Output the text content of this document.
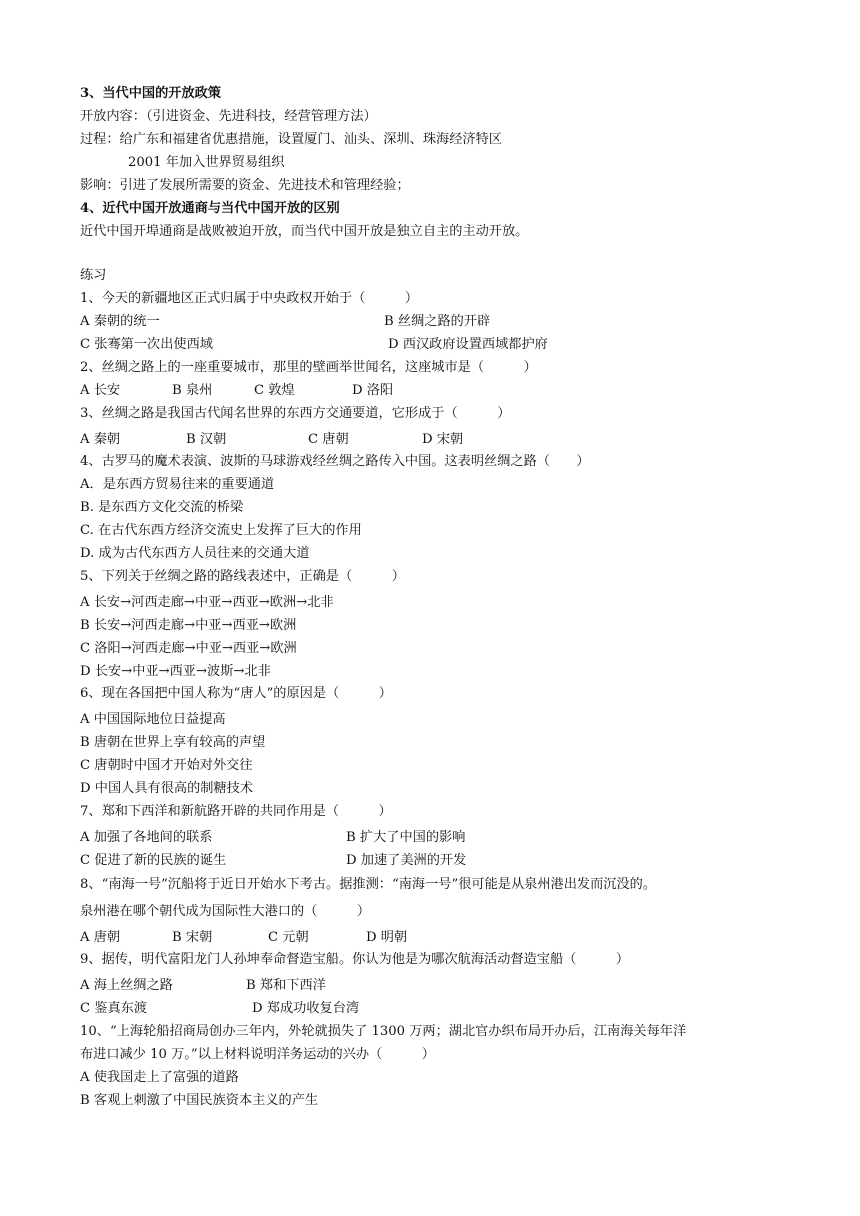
3、当代中国的开放政策
开放内容：（引进资金、先进科技，经营管理方法）
过程：给广东和福建省优惠措施，设置厦门、汕头、深圳、珠海经济特区
2001 年加入世界贸易组织
影响：引进了发展所需要的资金、先进技术和管理经验；
4、近代中国开放通商与当代中国开放的区别
近代中国开埠通商是战败被迫开放，而当代中国开放是独立自主的主动开放。
练习
1、今天的新疆地区正式归属于中央政权开始于（　　　）
A 秦朝的统一	B 丝绸之路的开辟
C 张骞第一次出使西域	D 西汉政府设置西域都护府
2、丝绸之路上的一座重要城市，那里的壁画举世闻名，这座城市是（　　　）
A 长安	B 泉州	C 敦煌	D 洛阳
3、丝绸之路是我国古代闻名世界的东西方交通要道，它形成于（　　　）
A 秦朝	B 汉朝	C 唐朝	D 宋朝
4、古罗马的魔术表演、波斯的马球游戏经丝绸之路传入中国。这表明丝绸之路（　　）
A．是东西方贸易往来的重要通道
B. 是东西方文化交流的桥梁
C. 在古代东西方经济交流史上发挥了巨大的作用
D. 成为古代东西方人员往来的交通大道
5、下列关于丝绸之路的路线表述中，正确是（　　　）
A 长安→河西走廊→中亚→西亚→欧洲→北非
B 长安→河西走廊→中亚→西亚→欧洲
C 洛阳→河西走廊→中亚→西亚→欧洲
D 长安→中亚→西亚→波斯→北非
6、现在各国把中国人称为“唐人”的原因是（　　　）
A 中国国际地位日益提高
B 唐朝在世界上享有较高的声望
C 唐朝时中国才开始对外交往
D 中国人具有很高的制糖技术
7、郑和下西洋和新航路开辟的共同作用是（　　　）
A 加强了各地间的联系	B 扩大了中国的影响
C 促进了新的民族的诞生	D 加速了美洲的开发
8、“南海一号”沉船将于近日开始水下考古。据推测：“南海一号”很可能是从泉州港出发而沉没的。
泉州港在哪个朝代成为国际性大港口的（　　　）
A 唐朝	B 宋朝	C 元朝	D 明朝
9、据传，明代富阳龙门人孙坤奉命督造宝船。你认为他是为哪次航海活动督造宝船（　　　）
A 海上丝绸之路	B 郑和下西洋
C 鉴真东渡	D 郑成功收复台湾
10、“上海轮船招商局创办三年内，外轮就损失了 1300 万两；湖北官办织布局开办后，江南海关每年洋
布进口减少 10 万。”以上材料说明洋务运动的兴办（　　　）
A 使我国走上了富强的道路
B 客观上刺激了中国民族资本主义的产生
